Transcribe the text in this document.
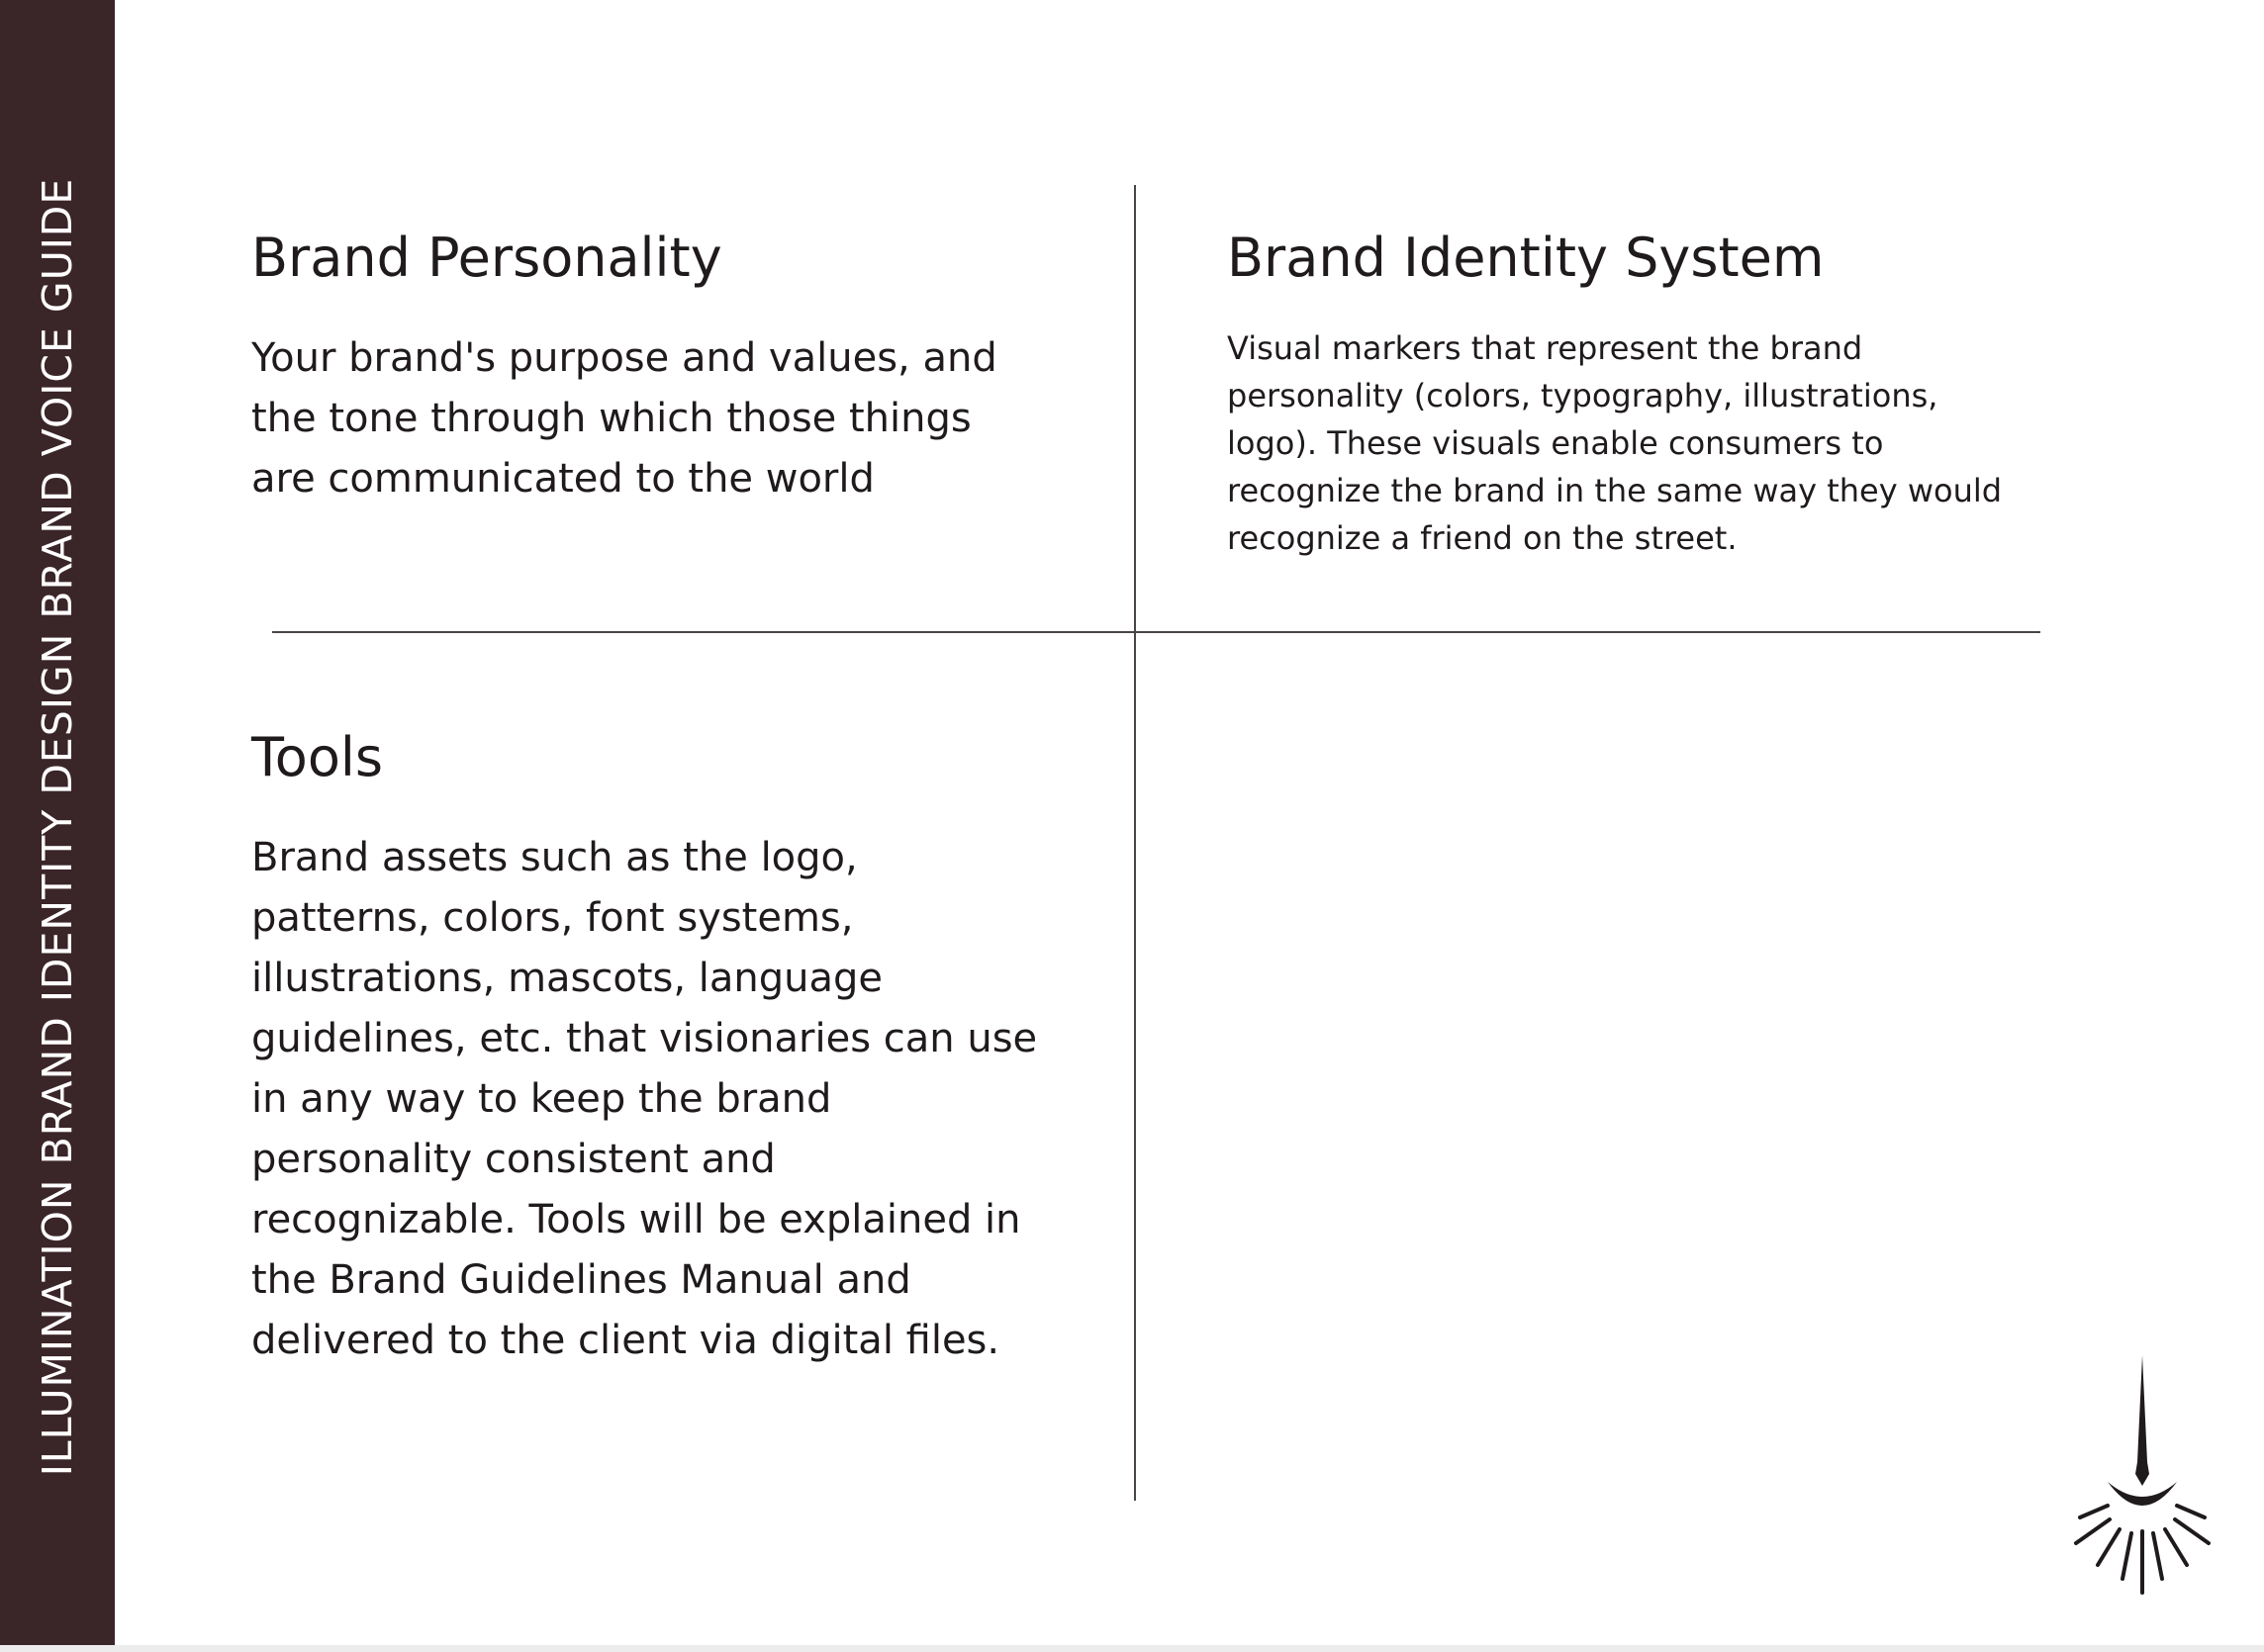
ILLUMINATION BRAND IDENTITY DESIGN BRAND VOICE GUIDE	Brand Personality

Your brand's purpose and values, and the tone through which those things are communicated to the world

Brand Identity System

Visual markers that represent the brand personality (colors, typography, illustrations, logo). These visuals enable consumers to recognize the brand in the same way they would recognize a friend on the street.

Tools

Brand assets such as the logo, patterns, colors, font systems, illustrations, mascots, language guidelines, etc. that visionaries can use in any way to keep the brand personality consistent and recognizable. Tools will be explained in the Brand Guidelines Manual and delivered to the client via digital files.
